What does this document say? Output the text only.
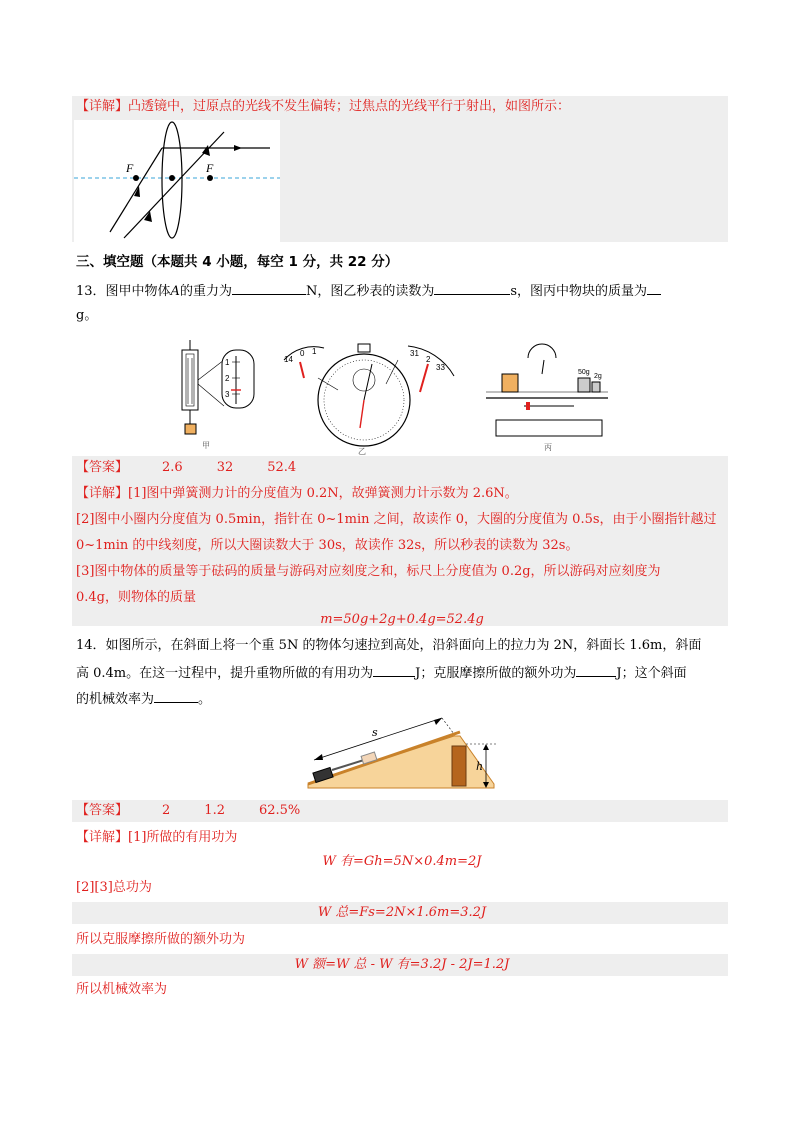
【详解】凸透镜中，过原点的光线不发生偏转；过焦点的光线平行于射出，如图所示：
F	F
三、填空题（本题共 4 小题，每空 1 分，共 22 分）
13．图甲中物体A的重力为	N，图乙秒表的读数为	s，图丙中物块的质量为
g。
1
2
3
甲
14
0 1	31
2
33
乙
50g
2g
丙
【答案】	2.6	32	52.4
【详解】[1]图中弹簧测力计的分度值为 0.2N，故弹簧测力计示数为 2.6N。
[2]图中小圈内分度值为 0.5min，指针在 0~1min 之间，故读作 0，大圈的分度值为 0.5s，由于小圈指针越过
0~1min 的中线刻度，所以大圈读数大于 30s，故读作 32s，所以秒表的读数为 32s。
[3]图中物体的质量等于砝码的质量与游码对应刻度之和，标尺上分度值为 0.2g，所以游码对应刻度为
0.4g，则物体的质量
m=50g+2g+0.4g=52.4g
14．如图所示，在斜面上将一个重 5N 的物体匀速拉到高处，沿斜面向上的拉力为 2N，斜面长 1.6m，斜面
高 0.4m。在这一过程中，提升重物所做的有用功为	J；克服摩擦所做的额外功为	J；这个斜面
的机械效率为	。
s
h
【答案】	2	1.2	62.5%
【详解】[1]所做的有用功为
W 有=Gh=5N×0.4m=2J
[2][3]总功为
W 总=Fs=2N×1.6m=3.2J
所以克服摩擦所做的额外功为
W 额=W 总 - W 有=3.2J - 2J=1.2J
所以机械效率为
